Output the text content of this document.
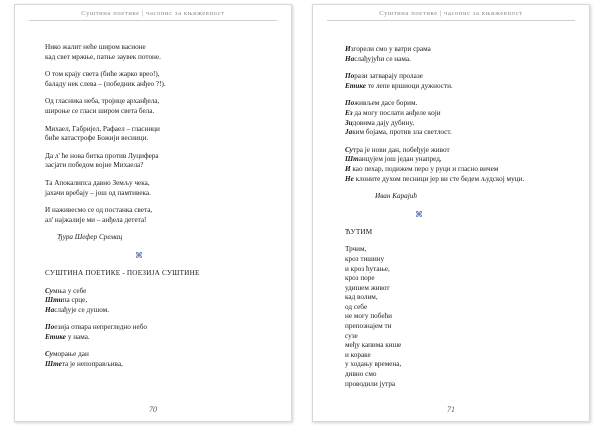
Суштина поетике | часопис за књижевност
Нико жалит неће широм васионе
кад свет мржње, патње заувек потоне.
О том крају света (биће жарко врео!),
баладу нек слева – (победник анђео ?!).
Од гласника неба, тројице арханђела,
широње се гласи широм света бела.
Михаел, Габријел, Рафаел – гласници
биће катастрофе Божији весници.
Да л' ће нова битка против Луцифера
засјати победом војне Михаела?
Та Апокалипса давно Земљу чека,
јахачи вребају – још од памтивека.
И наживесмо се од постанка света,
ал' најжалије ми – анђела детета!
Ђура Шефер Сремац
⌘
СУШТИНА ПОЕТИКЕ - ПОЕЗИЈА СУШТИНЕ
Сумња у себе
Штипа срце,
Наслађује се душом.
Поезија отвара непрегледно небо
Етике у нама.
Суморање дан
Штета је непоправљива,
70
Суштина поетике | часопис за књижевност
Изгорели смо у ватри срама
Наслађујући се нама.
Порази затварају пролазе
Етике те лепе вршиоци дужности.
Поживљем дасе борим.
Ез да могу послати анђеле који
Зидовима дају дубину,
Јаким бојама, против зла светлост.
Сутра је нови дан, побеђује живот
Штанцујем још један унапред,
И као пехар, подижем перо у руци и гласно вичем
Не клоните духом песници јер ви сте бедем људској муци.
Иван Карајић
⌘
ЋУТИМ
Трчим,
кроз тишину
и кроз ћутање,
кроз поре
удишем живот
кад волим,
од себе
не могу побећи
препознајем ти
сузе
међу капима кише
и кораке
у ходању времена,
дивно смо
проводили јутра
71
